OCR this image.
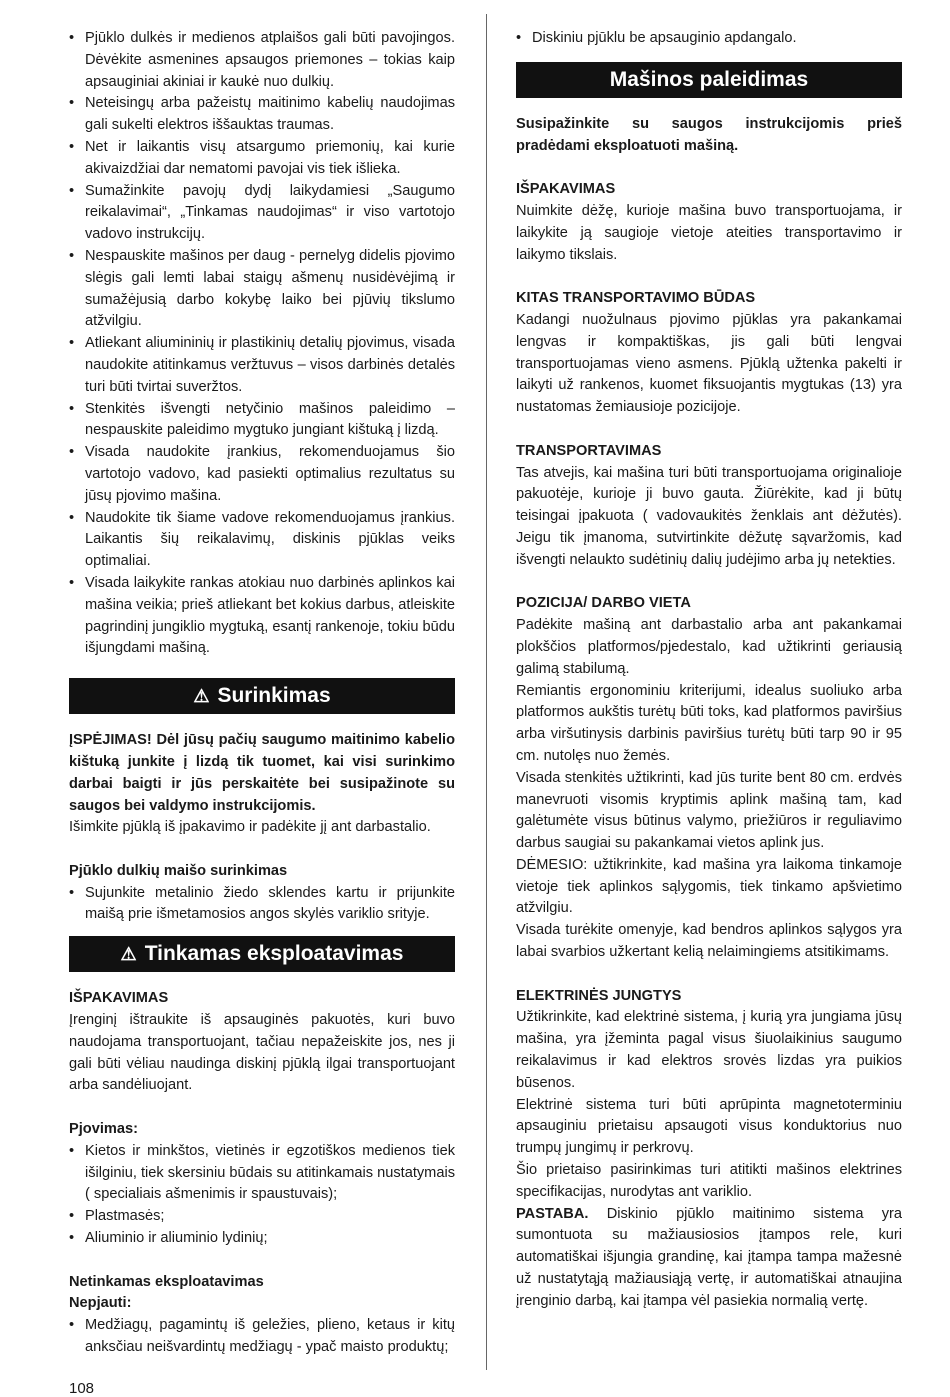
• Pjūklo dulkės ir medienos atplaišos gali būti pavojingos. Dėvėkite asmenines apsaugos priemones – tokias kaip apsauginiai akiniai ir kaukė nuo dulkių.
• Neteisingų arba pažeistų maitinimo kabelių naudojimas gali sukelti elektros iššauktas traumas.
• Net ir laikantis visų atsargumo priemonių, kai kurie akivaizdžiai dar nematomi pavojai vis tiek išlieka.
• Sumažinkite pavojų dydį laikydamiesi „Saugumo reikalavimai“, „Tinkamas naudojimas“ ir viso vartotojo vadovo instrukcijų.
• Nespauskite mašinos per daug - pernelyg didelis pjovimo slėgis gali lemti labai staigų ašmenų nusidėvėjimą ir sumažėjusią darbo kokybę laiko bei pjūvių tikslumo atžvilgiu.
• Atliekant aliumininių ir plastikinių detalių pjovimus, visada naudokite atitinkamus veržtuvus – visos darbinės detalės turi būti tvirtai suveržtos.
• Stenkitės išvengti netyčinio mašinos paleidimo – nespauskite paleidimo mygtuko jungiant kištuką į lizdą.
• Visada naudokite įrankius, rekomenduojamus šio vartotojo vadovo, kad pasiekti optimalius rezultatus su jūsų pjovimo mašina.
• Naudokite tik šiame vadove rekomenduojamus įrankius. Laikantis šių reikalavimų, diskinis pjūklas veiks optimaliai.
• Visada laikykite rankas atokiau nuo darbinės aplinkos kai mašina veikia; prieš atliekant bet kokius darbus, atleiskite pagrindinį jungiklio mygtuką, esantį rankenoje, tokiu būdu išjungdami mašiną.
⚠ Surinkimas

ĮSPĖJIMAS! Dėl jūsų pačių saugumo maitinimo kabelio kištuką junkite į lizdą tik tuomet, kai visi surinkimo darbai baigti ir jūs perskaitėte bei susipažinote su saugos bei valdymo instrukcijomis.

Išimkite pjūklą iš įpakavimo ir padėkite jį ant darbastalio.

Pjūklo dulkių maišo surinkimas

• Sujunkite metalinio žiedo sklendes kartu ir prijunkite maišą prie išmetamosios angos skylės variklio srityje.
⚠ Tinkamas eksploatavimas

IŠPAKAVIMAS

Įrenginį ištraukite iš apsauginės pakuotės, kuri buvo naudojama transportuojant, tačiau nepažeiskite jos, nes ji gali būti vėliau naudinga diskinį pjūklą ilgai transportuojant arba sandėliuojant.

Pjovimas:

• Kietos ir minkštos, vietinės ir egzotiškos medienos tiek išilginiu, tiek skersiniu būdais su atitinkamais nustatymais ( specialiais ašmenimis ir spaustuvais);
• Plastmasės;
• Aliuminio ir aliuminio lydinių;

Netinkamas eksploatavimas

Nepjauti:

• Medžiagų, pagamintų iš geležies, plieno, ketaus ir kitų anksčiau neišvardintų medžiagų - ypač maisto produktų;
• Diskiniu pjūklu be apsauginio apdangalo.
Mašinos paleidimas

Susipažinkite su saugos instrukcijomis prieš pradėdami eksploatuoti mašiną.

IŠPAKAVIMAS

Nuimkite dėžę, kurioje mašina buvo transportuojama, ir laikykite ją saugioje vietoje ateities transportavimo ir laikymo tikslais.

KITAS TRANSPORTAVIMO BŪDAS

Kadangi nuožulnaus pjovimo pjūklas yra pakankamai lengvas ir kompaktiškas, jis gali būti lengvai transportuojamas vieno asmens. Pjūklą užtenka pakelti ir laikyti už rankenos, kuomet fiksuojantis mygtukas (13) yra nustatomas žemiausioje pozicijoje.

TRANSPORTAVIMAS

Tas atvejis, kai mašina turi būti transportuojama originalioje pakuotėje, kurioje ji buvo gauta. Žiūrėkite, kad ji būtų teisingai įpakuota ( vadovaukitės ženklais ant dėžutės). Jeigu tik įmanoma, sutvirtinkite dėžutę sąvaržomis, kad išvengti nelaukto sudėtinių dalių judėjimo arba jų netekties.

POZICIJA/ DARBO VIETA

Padėkite mašiną ant darbastalio arba ant pakankamai plokščios platformos/pjedestalo, kad užtikrinti geriausią galimą stabilumą.

Remiantis ergonominiu kriterijumi, idealus suoliuko arba platformos aukštis turėtų būti toks, kad platformos paviršius arba viršutinysis darbinis paviršius turėtų būti tarp 90 ir 95 cm. nutolęs nuo žemės.

Visada stenkitės užtikrinti, kad jūs turite bent 80 cm. erdvės manevruoti visomis kryptimis aplink mašiną tam, kad galėtumėte visus būtinus valymo, priežiūros ir reguliavimo darbus saugiai su pakankamai vietos aplink jus.

DĖMESIO: užtikrinkite, kad mašina yra laikoma tinkamoje vietoje tiek aplinkos sąlygomis, tiek tinkamo apšvietimo atžvilgiu.

Visada turėkite omenyje, kad bendros aplinkos sąlygos yra labai svarbios užkertant kelią nelaimingiems atsitikimams.

ELEKTRINĖS JUNGTYS

Užtikrinkite, kad elektrinė sistema, į kurią yra jungiama jūsų mašina, yra įžeminta pagal visus šiuolaikinius saugumo reikalavimus ir kad elektros srovės lizdas yra puikios būsenos.

Elektrinė sistema turi būti aprūpinta magnetoterminiu apsauginiu prietaisu apsaugoti visus konduktorius nuo trumpų jungimų ir perkrovų.

Šio prietaiso pasirinkimas turi atitikti mašinos elektrines specifikacijas, nurodytas ant variklio.

PASTABA. Diskinio pjūklo maitinimo sistema yra sumontuota su mažiausiosios įtampos rele, kuri automatiškai išjungia grandinę, kai įtampa tampa mažesnė už nustatytąją mažiausiąją vertę, ir automatiškai atnaujina įrenginio darbą, kai įtampa vėl pasiekia normalią vertę.

108
